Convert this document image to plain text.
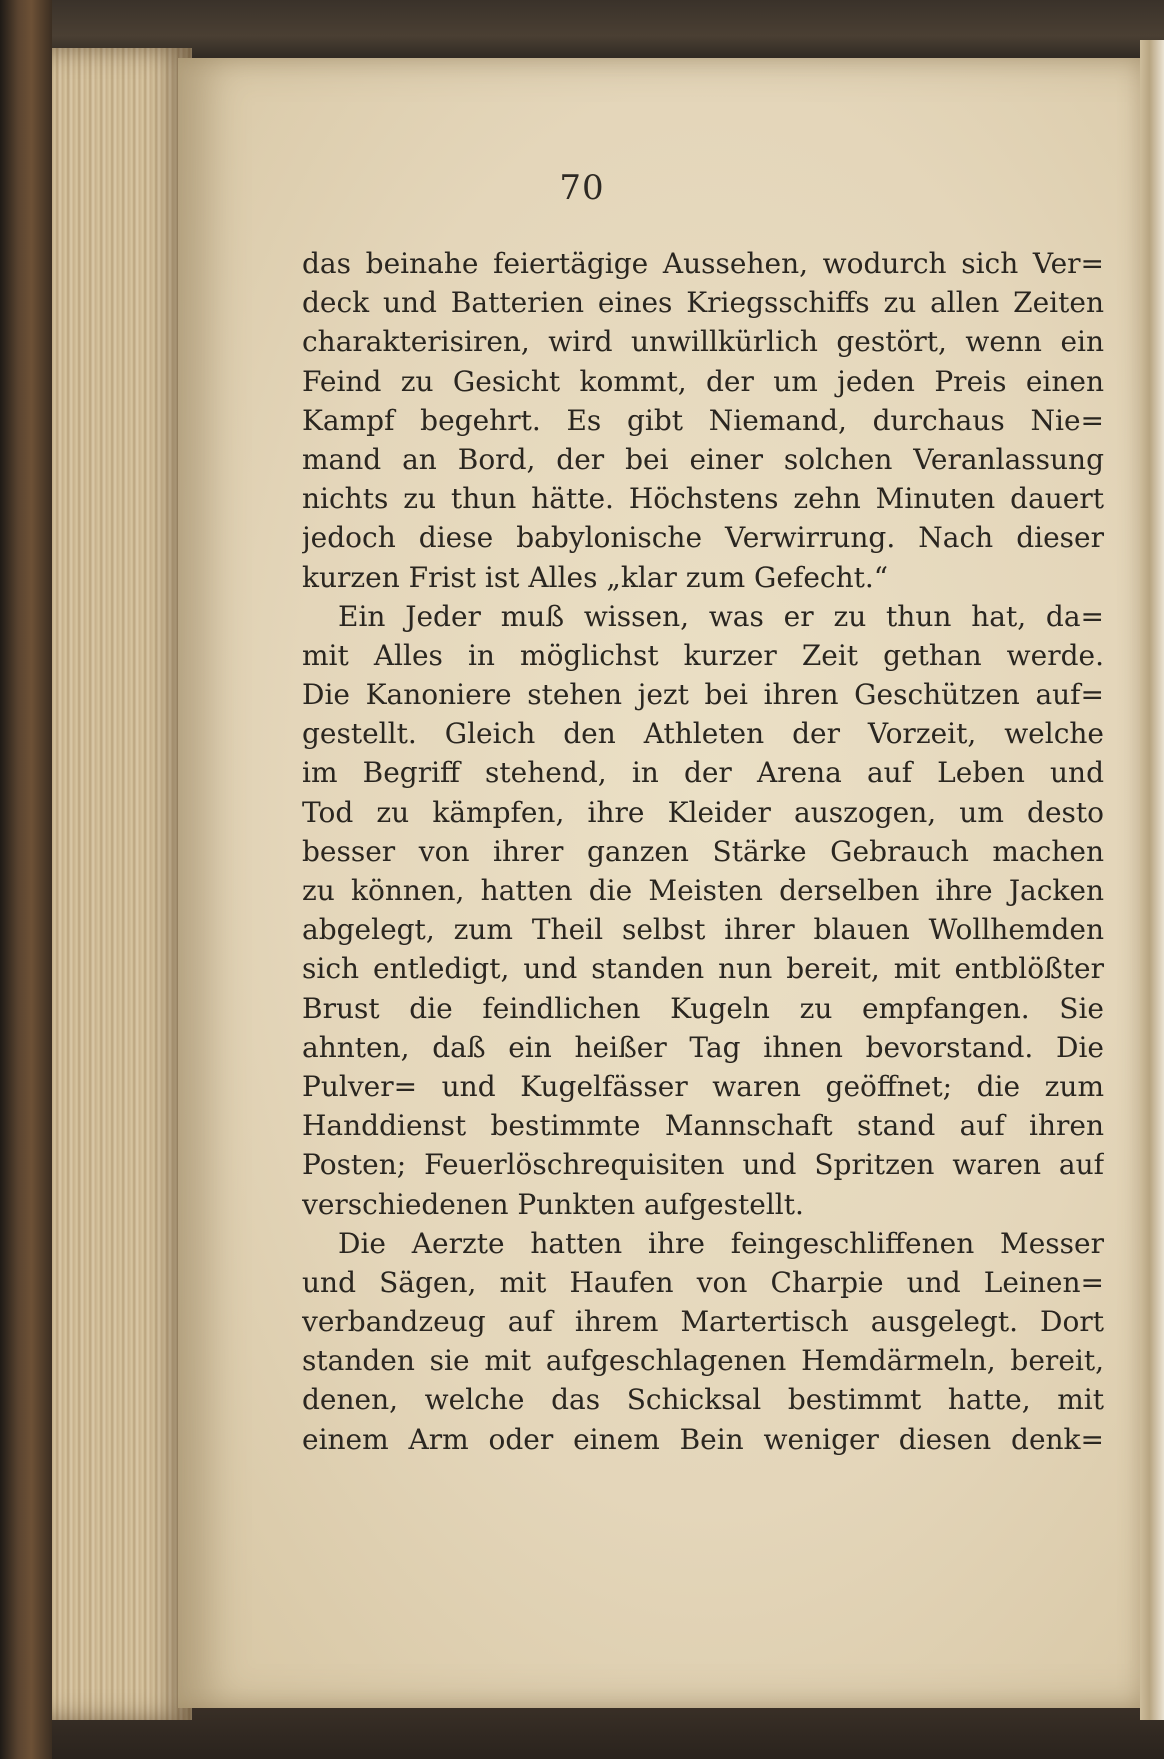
70
das beinahe feiertägige Aussehen, wodurch sich Ver=
deck und Batterien eines Kriegsschiffs zu allen Zeiten
charakterisiren, wird unwillkürlich gestört, wenn ein
Feind zu Gesicht kommt, der um jeden Preis einen
Kampf begehrt. Es gibt Niemand, durchaus Nie=
mand an Bord, der bei einer solchen Veranlassung
nichts zu thun hätte. Höchstens zehn Minuten dauert
jedoch diese babylonische Verwirrung. Nach dieser
kurzen Frist ist Alles „klar zum Gefecht.“
Ein Jeder muß wissen, was er zu thun hat, da=
mit Alles in möglichst kurzer Zeit gethan werde.
Die Kanoniere stehen jezt bei ihren Geschützen auf=
gestellt. Gleich den Athleten der Vorzeit, welche
im Begriff stehend, in der Arena auf Leben und
Tod zu kämpfen, ihre Kleider auszogen, um desto
besser von ihrer ganzen Stärke Gebrauch machen
zu können, hatten die Meisten derselben ihre Jacken
abgelegt, zum Theil selbst ihrer blauen Wollhemden
sich entledigt, und standen nun bereit, mit entblößter
Brust die feindlichen Kugeln zu empfangen. Sie
ahnten, daß ein heißer Tag ihnen bevorstand. Die
Pulver= und Kugelfässer waren geöffnet; die zum
Handdienst bestimmte Mannschaft stand auf ihren
Posten; Feuerlöschrequisiten und Spritzen waren auf
verschiedenen Punkten aufgestellt.
Die Aerzte hatten ihre feingeschliffenen Messer
und Sägen, mit Haufen von Charpie und Leinen=
verbandzeug auf ihrem Martertisch ausgelegt. Dort
standen sie mit aufgeschlagenen Hemdärmeln, bereit,
denen, welche das Schicksal bestimmt hatte, mit
einem Arm oder einem Bein weniger diesen denk=
